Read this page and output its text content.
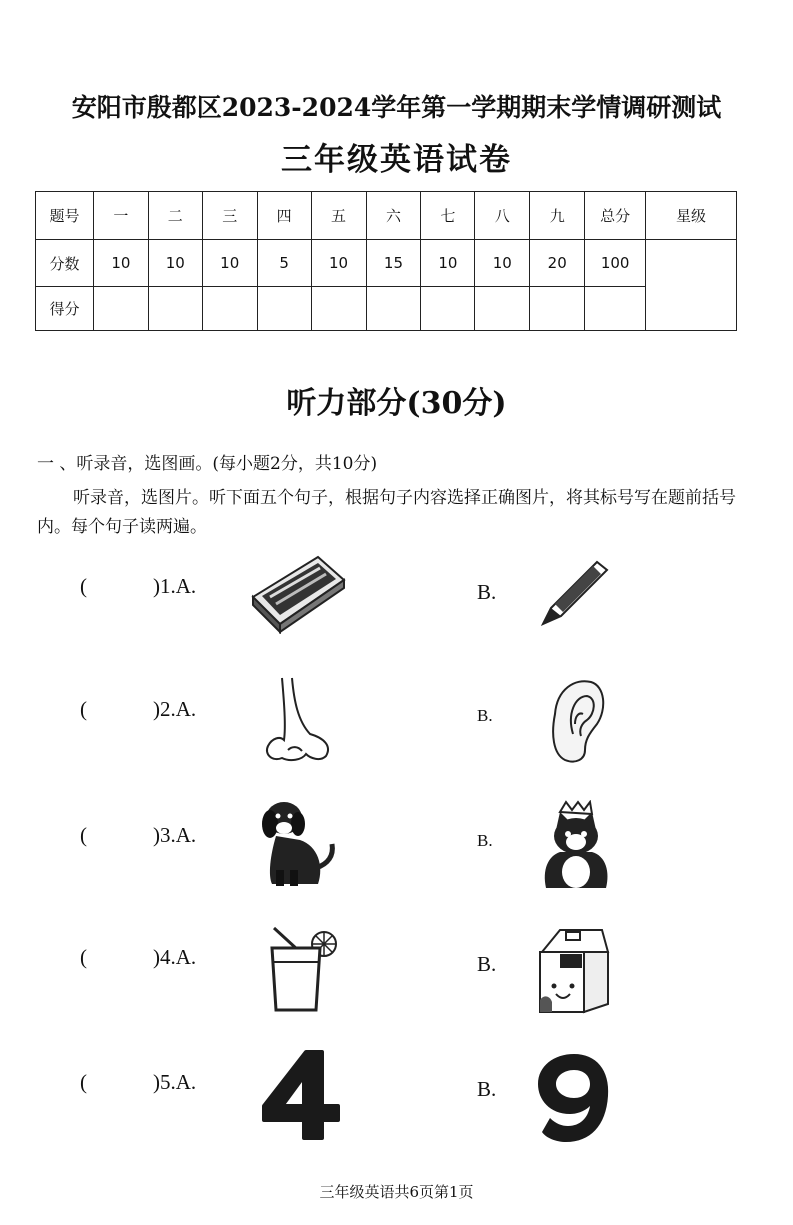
安阳市殷都区2023-2024学年第一学期期末学情调研测试
三年级英语试卷
题号	一	二	三	四	五	六	七	八	九	总分	星级
分数	10	10	10	5	10	15	10	10	20	100	
得分											
听力部分(30分)
一 、听录音，选图画。(每小题2分，共10分)
听录音，选图片。听下面五个句子，根据句子内容选择正确图片，将其标号写在题前括号内。每个句子读两遍。
(	)1.A.	B.
(	)2.A.	B.
(	)3.A.	B.
(	)4.A.	B.
(	)5.A.	B.
三年级英语共6页第1页
